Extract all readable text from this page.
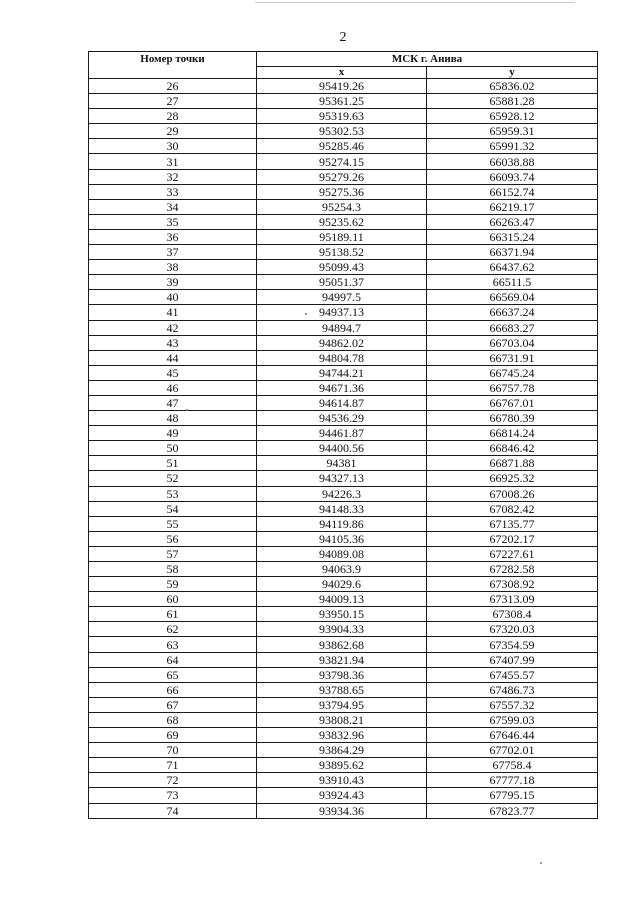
2
Номер точки	МСК г. Анива	
	x	y
26	95419.26	65836.02
27	95361.25	65881.28
28	95319.63	65928.12
29	95302.53	65959.31
30	95285.46	65991.32
31	95274.15	66038.88
32	95279.26	66093.74
33	95275.36	66152.74
34	95254.3	66219.17
35	95235.62	66263.47
36	95189.11	66315.24
37	95138.52	66371.94
38	95099.43	66437.62
39	95051.37	66511.5
40	94997.5	66569.04
41	94937.13	66637.24
42	94894.7	66683.27
43	94862.02	66703.04
44	94804.78	66731.91
45	94744.21	66745.24
46	94671.36	66757.78
47	94614.87	66767.01
48	94536.29	66780.39
49	94461.87	66814.24
50	94400.56	66846.42
51	94381	66871.88
52	94327.13	66925.32
53	94226.3	67008.26
54	94148.33	67082.42
55	94119.86	67135.77
56	94105.36	67202.17
57	94089.08	67227.61
58	94063.9	67282.58
59	94029.6	67308.92
60	94009.13	67313.09
61	93950.15	67308.4
62	93904.33	67320.03
63	93862.68	67354.59
64	93821.94	67407.99
65	93798.36	67455.57
66	93788.65	67486.73
67	93794.95	67557.32
68	93808.21	67599.03
69	93832.96	67646.44
70	93864.29	67702.01
71	93895.62	67758.4
72	93910.43	67777.18
73	93924.43	67795.15
74	93934.36	67823.77
